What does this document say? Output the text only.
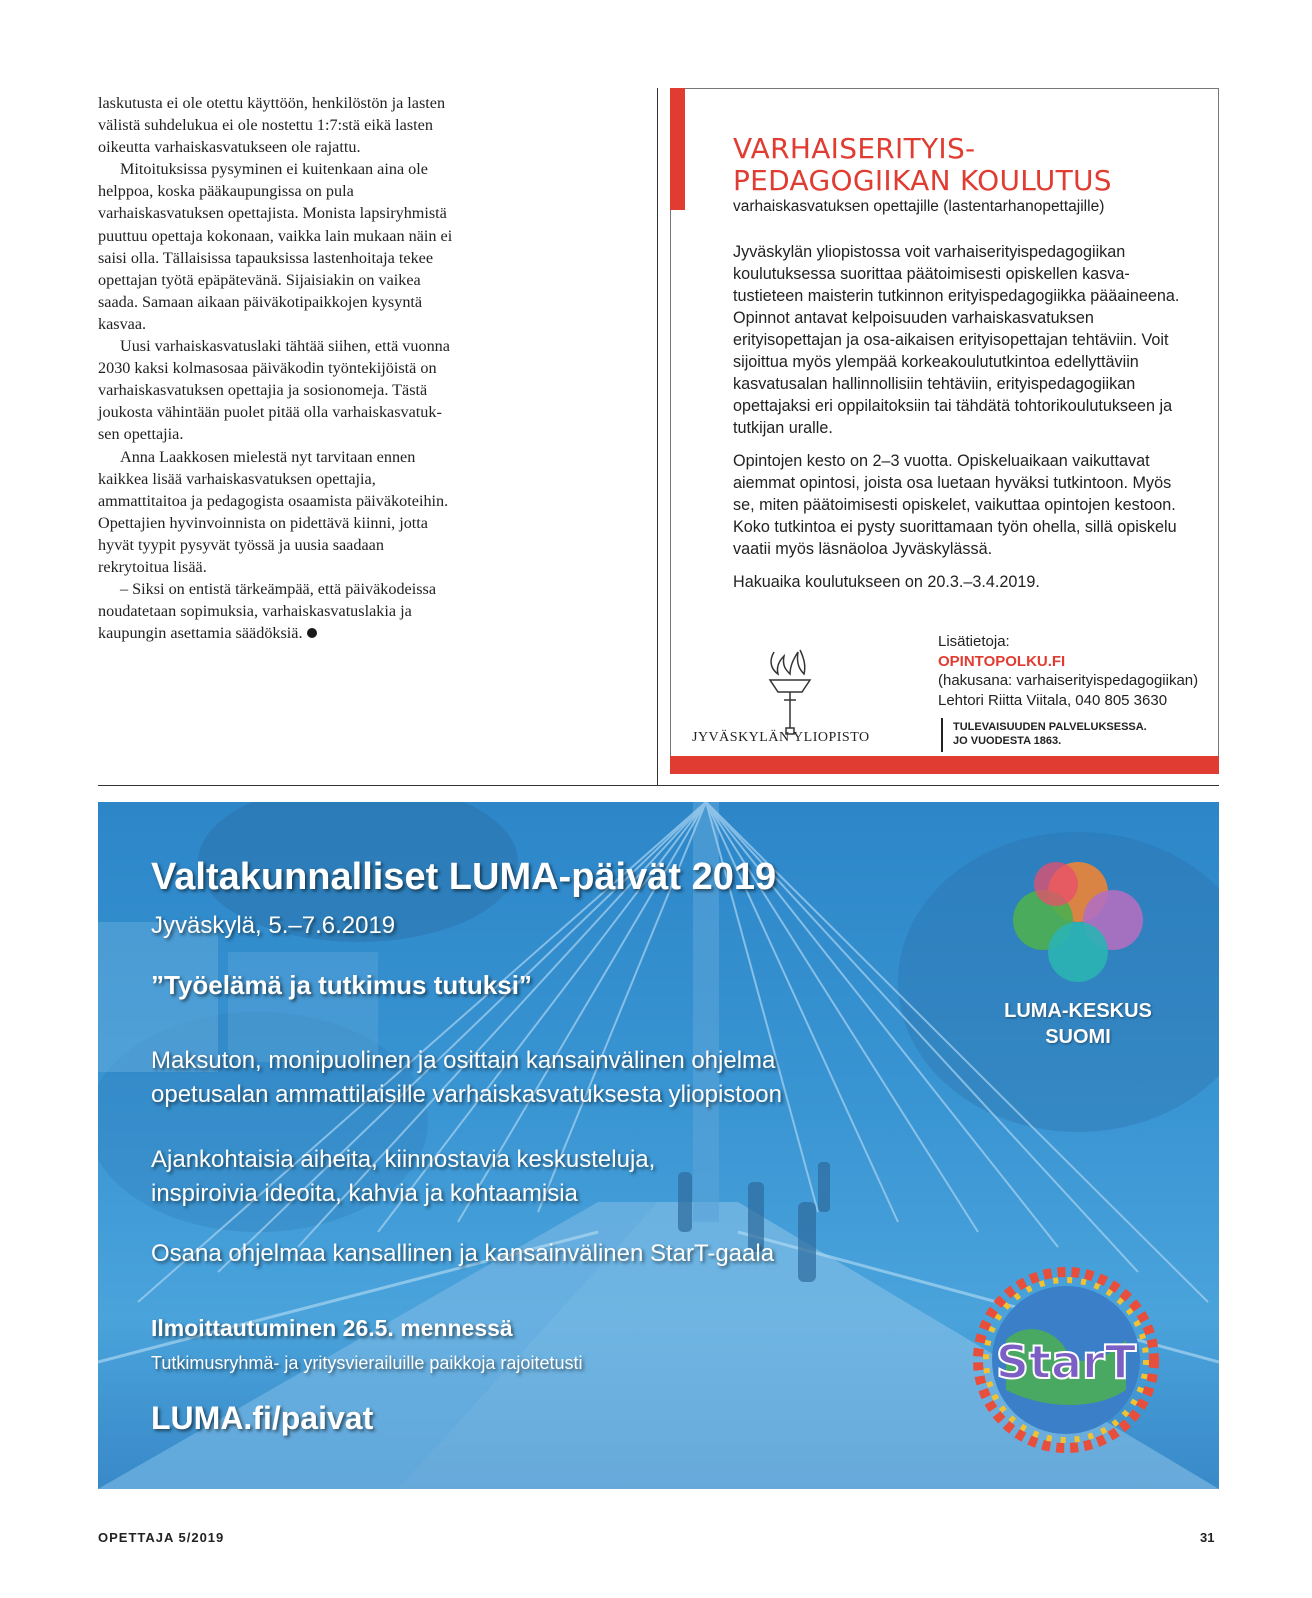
laskutusta ei ole otettu käyttöön, henkilöstön ja lasten välistä suhdelukua ei ole nostettu 1:7:stä eikä lasten oikeutta varhaiskasvatukseen ole rajattu.

Mitoituksissa pysyminen ei kuitenkaan aina ole helppoa, koska pääkaupungissa on pula varhaiskasvatuksen opettajista. Monista lapsiryhmistä puuttuu opettaja kokonaan, vaikka lain mukaan näin ei saisi olla. Tällaisissa tapauksissa lastenhoitaja tekee opettajan työtä epäpätevänä. Sijaisiakin on vaikea saada. Samaan aikaan päiväkotipaikkojen kysyntä kasvaa.

Uusi varhaiskasvatuslaki tähtää siihen, että vuonna 2030 kaksi kolmasosaa päiväkodin työntekijöistä on varhaiskasvatuksen opettajia ja sosionomeja. Tästä joukosta vähintään puolet pitää olla varhaiskasvatuksen opettajia.

Anna Laakkosen mielestä nyt tarvitaan ennen kaikkea lisää varhaiskasvatuksen opettajia, ammattitaitoa ja pedagogista osaamista päiväkoteihin. Opettajien hyvinvoinnista on pidettävä kiinni, jotta hyvät tyypit pysyvät työssä ja uusia saadaan rekrytoitua lisää.

– Siksi on entistä tärkeämpää, että päiväkodeissa noudatetaan sopimuksia, varhaiskasvatuslakia ja kaupungin asettamia säädöksiä.

VARHAISERITYIS-
PEDAGOGIIKAN KOULUTUS
varhaiskasvatuksen opettajille (lastentarhanopettajille)

Jyväskylän yliopistossa voit varhaiserityispedagogiikan koulutuksessa suorittaa päätoimisesti opiskellen kasvatustieteen maisterin tutkinnon erityispedagogiikka pääaineena. Opinnot antavat kelpoisuuden varhaiskasvatuksen erityisopettajan ja osa-aikaisen erityisopettajan tehtäviin. Voit sijoittua myös ylempää korkeakoulututkintoa edellyttäviin kasvatusalan hallinnollisiin tehtäviin, erityispedagogiikan opettajaksi eri oppilaitoksiin tai tähdätä tohtorikoulutukseen ja tutkijan uralle.

Opintojen kesto on 2–3 vuotta. Opiskeluaikaan vaikuttavat aiemmat opintosi, joista osa luetaan hyväksi tutkintoon. Myös se, miten päätoimisesti opiskelet, vaikuttaa opintojen kestoon. Koko tutkintoa ei pysty suorittamaan työn ohella, sillä opiskelu vaatii myös läsnäoloa Jyväskylässä.

Hakuaika koulutukseen on 20.3.–3.4.2019.

JYVÄSKYLÄN YLIOPISTO
Lisätietoja:
OPINTOPOLKU.FI
(hakusana: varhaiserityispedagogiikan)
Lehtori Riitta Viitala, 040 805 3630
TULEVAISUUDEN PALVELUKSESSA.
JO VUODESTA 1863.
Valtakunnalliset LUMA-päivät 2019
Jyväskylä, 5.–7.6.2019
”Työelämä ja tutkimus tutuksi”
Maksuton, monipuolinen ja osittain kansainvälinen ohjelma
opetusalan ammattilaisille varhaiskasvatuksesta yliopistoon
Ajankohtaisia aiheita, kiinnostavia keskusteluja,
inspiroivia ideoita, kahvia ja kohtaamisia
Osana ohjelmaa kansallinen ja kansainvälinen StarT-gaala
Ilmoittautuminen 26.5. mennessä
Tutkimusryhmä- ja yritysvierailuille paikkoja rajoitetusti
LUMA.fi/paivat
LUMA-KESKUS
SUOMI
StarT
OPETTAJA 5/2019	31
